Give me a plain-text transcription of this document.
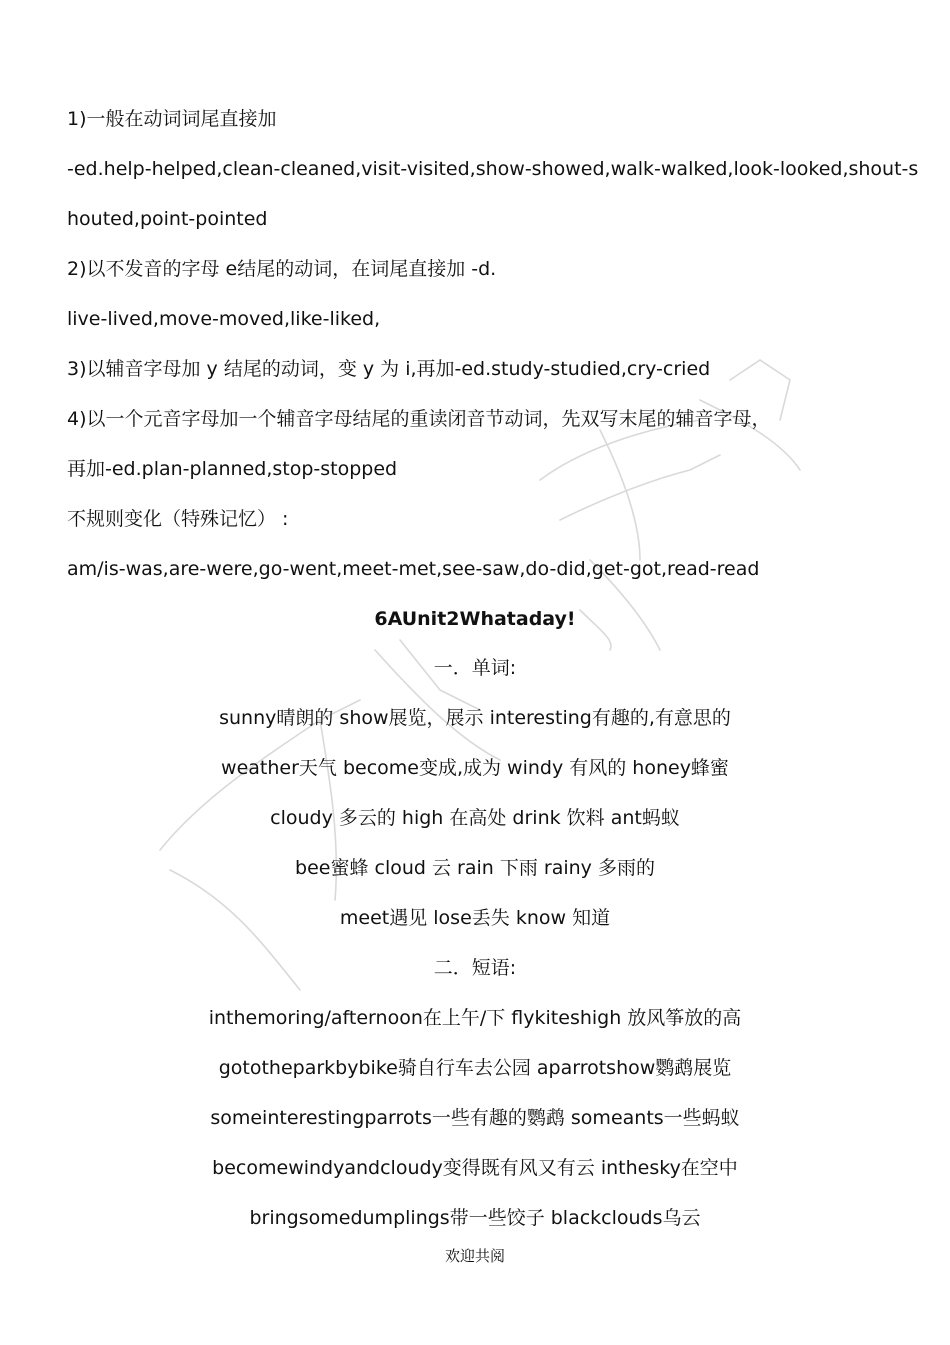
1)一般在动词词尾直接加
-ed.help-helped,clean-cleaned,visit-visited,show-showed,walk-walked,look-looked,shout-s
houted,point-pointed
2)以不发音的字母 e结尾的动词，在词尾直接加 -d.
live-lived,move-moved,like-liked,
3)以辅音字母加 y 结尾的动词，变 y 为 i,再加-ed.study-studied,cry-cried
4)以一个元音字母加一个辅音字母结尾的重读闭音节动词，先双写末尾的辅音字母，
再加-ed.plan-planned,stop-stopped
不规则变化（特殊记忆） :
am/is-was,are-were,go-went,meet-met,see-saw,do-did,get-got,read-read
6AUnit2Whataday!
一．单词:
sunny晴朗的 show展览，展示 interesting有趣的,有意思的
weather天气 become变成,成为 windy 有风的 honey蜂蜜
cloudy 多云的 high 在高处 drink 饮料 ant蚂蚁
bee蜜蜂 cloud 云 rain 下雨 rainy 多雨的
meet遇见 lose丢失 know 知道
二．短语:
inthemoring/afternoon在上午/下 flykiteshigh 放风筝放的高
gototheparkbybike骑自行车去公园 aparrotshow鹦鹉展览
someinterestingparrots一些有趣的鹦鹉 someants一些蚂蚁
becomewindyandcloudy变得既有风又有云 inthesky在空中
bringsomedumplings带一些饺子 blackclouds乌云
欢迎共阅
